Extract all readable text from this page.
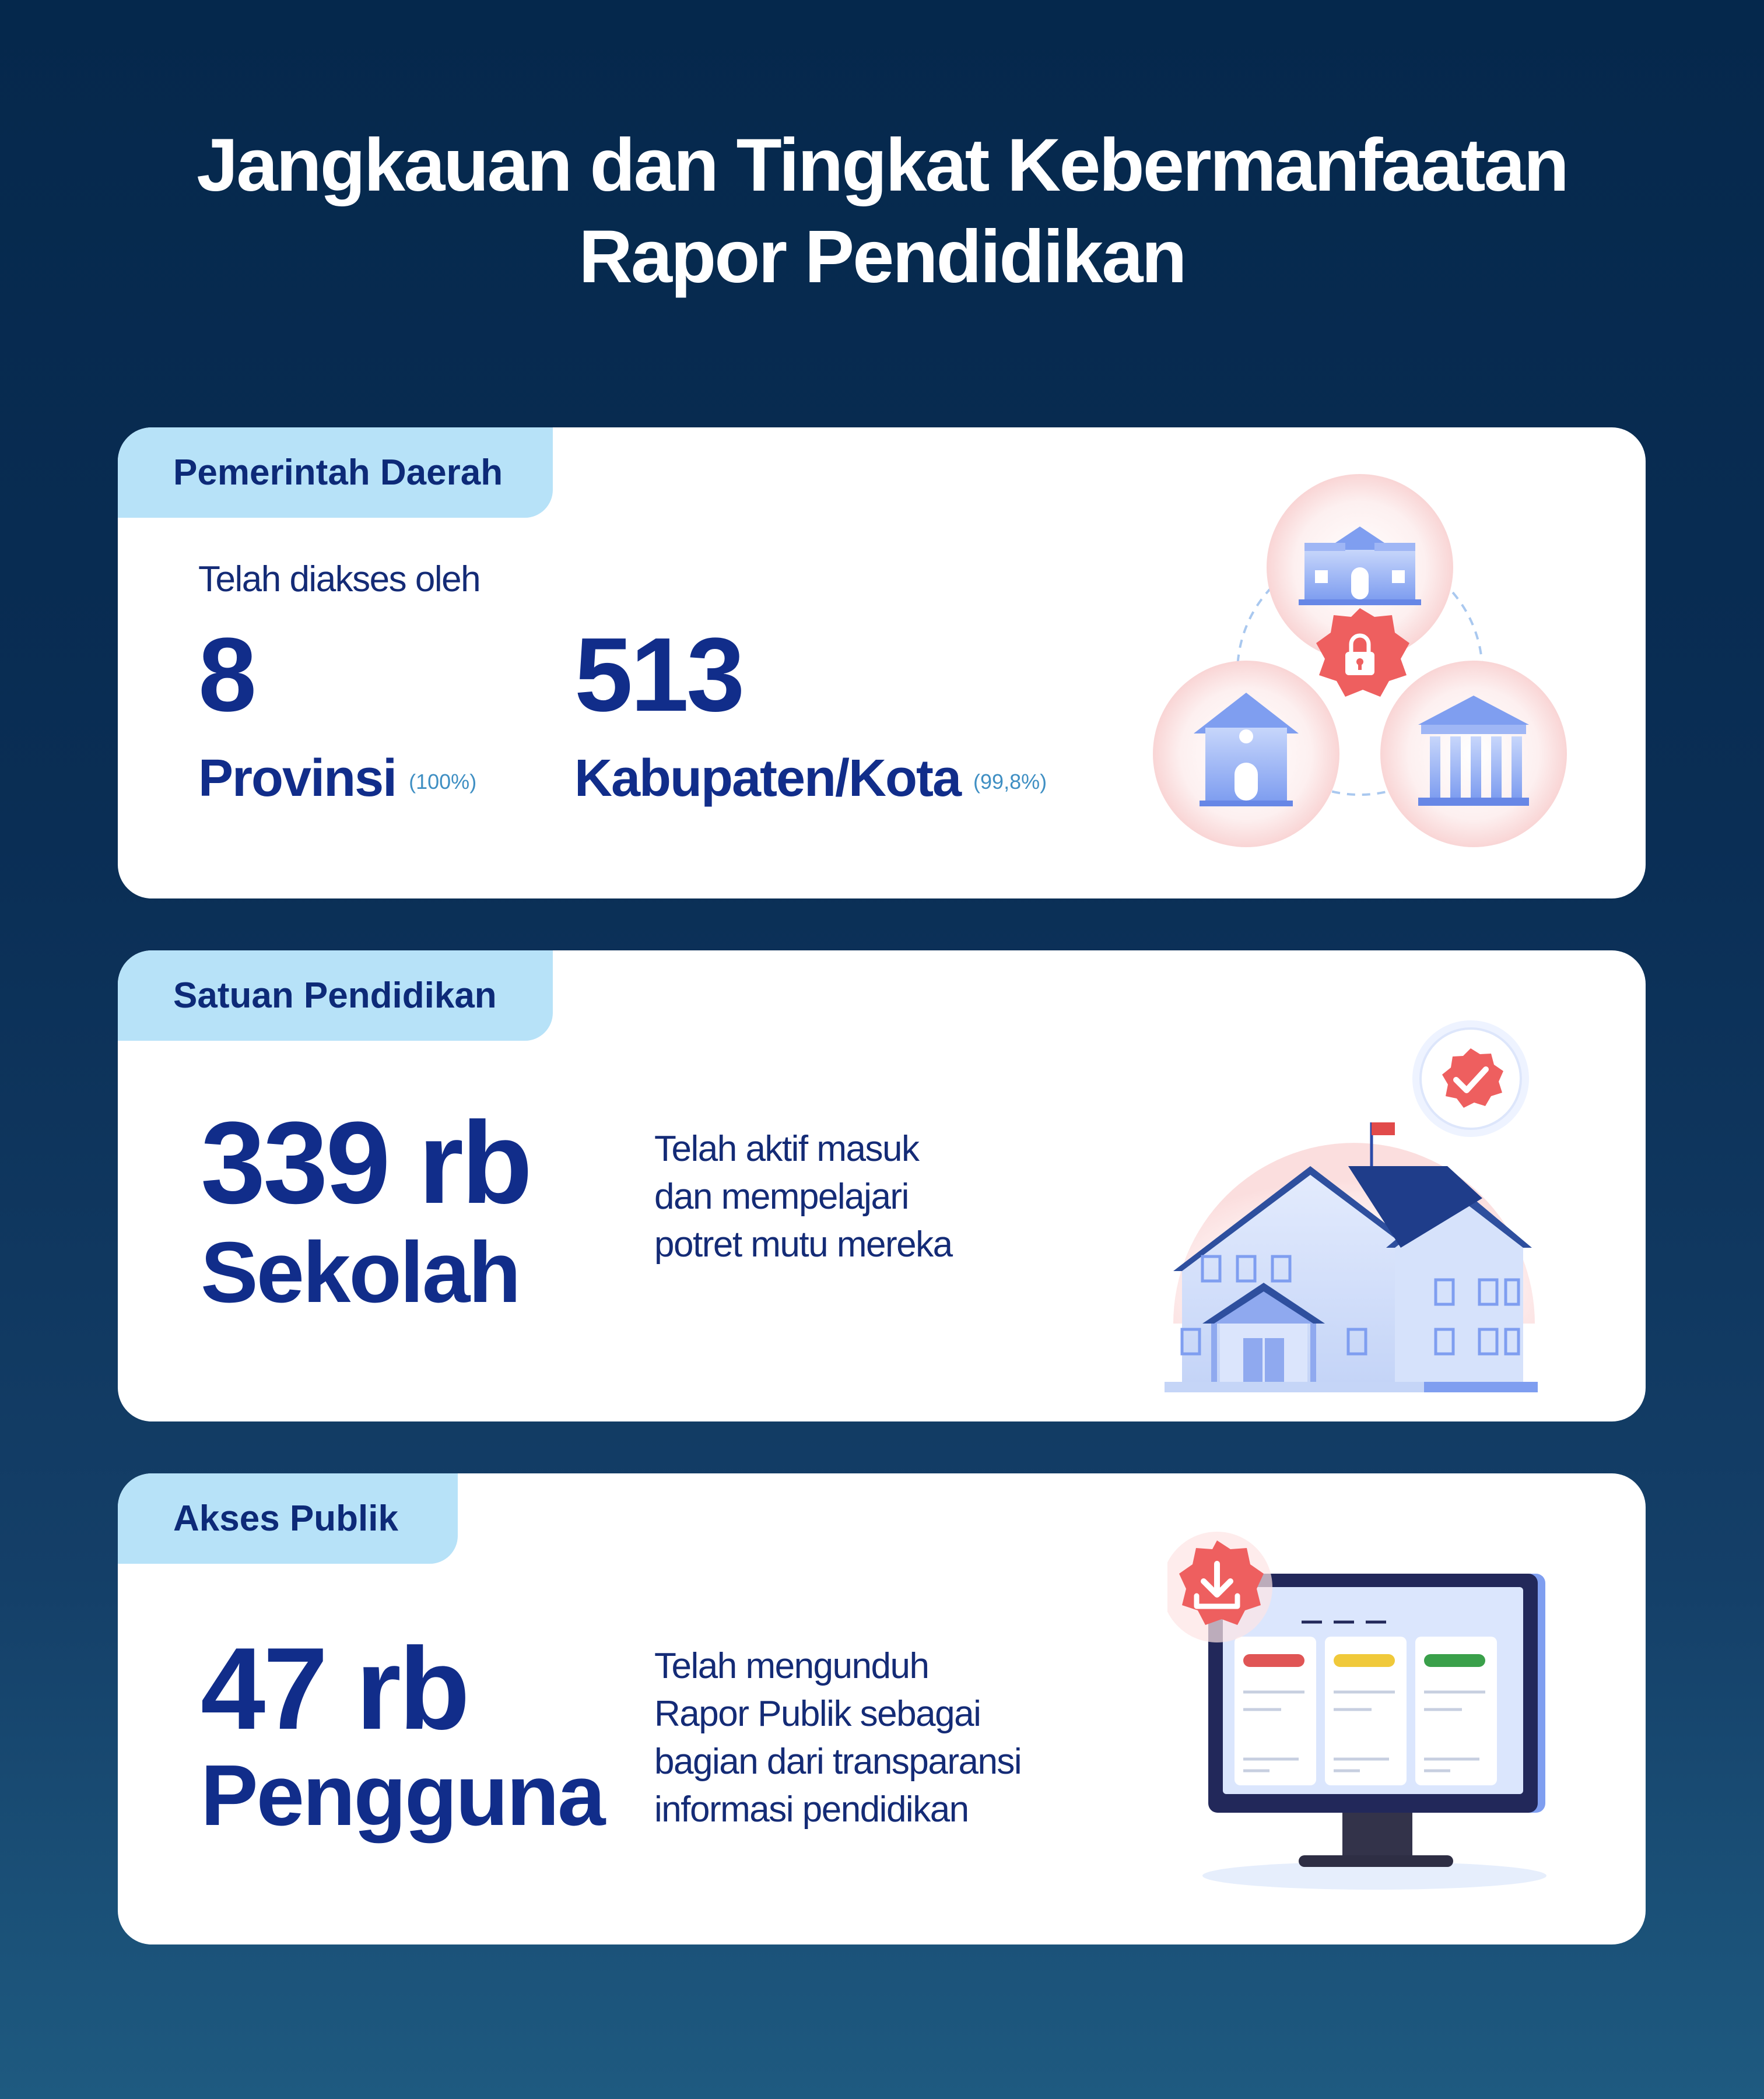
Jangkauan dan Tingkat Kebermanfaatan
Rapor Pendidikan
Pemerintah Daerah
Telah diakses oleh
8
Provinsi (100%)
513
Kabupaten/Kota (99,8%)
Satuan Pendidikan
339 rb
Sekolah
Telah aktif masuk
dan mempelajari
potret mutu mereka
Akses Publik
47 rb
Pengguna
Telah mengunduh
Rapor Publik sebagai
bagian dari transparansi
informasi pendidikan
